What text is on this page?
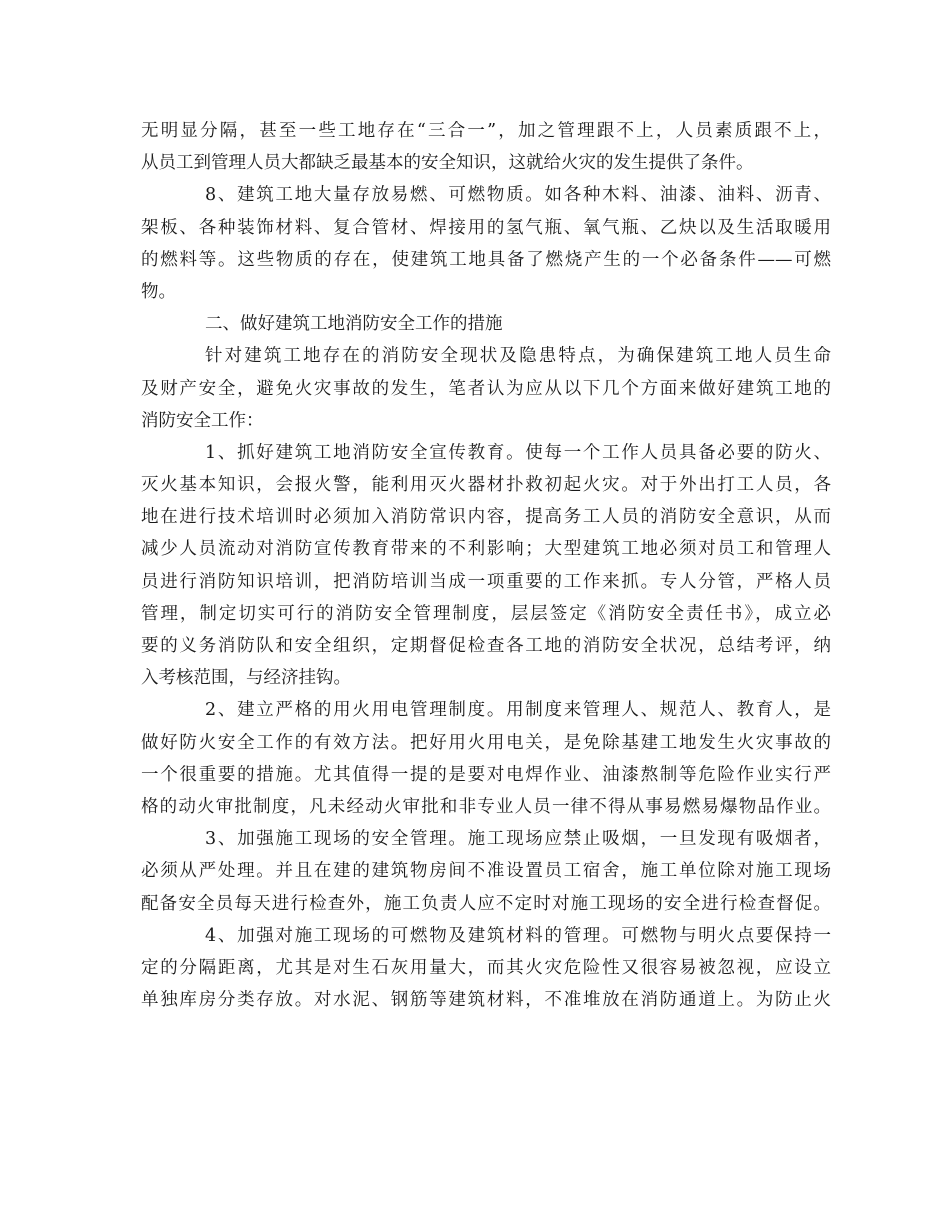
无明显分隔，甚至一些工地存在“三合一”，加之管理跟不上，人员素质跟不上，
从员工到管理人员大都缺乏最基本的安全知识，这就给火灾的发生提供了条件。
8、建筑工地大量存放易燃、可燃物质。如各种木料、油漆、油料、沥青、
架板、各种装饰材料、复合管材、焊接用的氢气瓶、氧气瓶、乙炔以及生活取暖用
的燃料等。这些物质的存在，使建筑工地具备了燃烧产生的一个必备条件——可燃
物。
二、做好建筑工地消防安全工作的措施
针对建筑工地存在的消防安全现状及隐患特点，为确保建筑工地人员生命
及财产安全，避免火灾事故的发生，笔者认为应从以下几个方面来做好建筑工地的
消防安全工作：
1、抓好建筑工地消防安全宣传教育。使每一个工作人员具备必要的防火、
灭火基本知识，会报火警，能利用灭火器材扑救初起火灾。对于外出打工人员，各
地在进行技术培训时必须加入消防常识内容，提高务工人员的消防安全意识，从而
减少人员流动对消防宣传教育带来的不利影响；大型建筑工地必须对员工和管理人
员进行消防知识培训，把消防培训当成一项重要的工作来抓。专人分管，严格人员
管理，制定切实可行的消防安全管理制度，层层签定《消防安全责任书》，成立必
要的义务消防队和安全组织，定期督促检查各工地的消防安全状况，总结考评，纳
入考核范围，与经济挂钩。
2、建立严格的用火用电管理制度。用制度来管理人、规范人、教育人，是
做好防火安全工作的有效方法。把好用火用电关，是免除基建工地发生火灾事故的
一个很重要的措施。尤其值得一提的是要对电焊作业、油漆熬制等危险作业实行严
格的动火审批制度，凡未经动火审批和非专业人员一律不得从事易燃易爆物品作业。
3、加强施工现场的安全管理。施工现场应禁止吸烟，一旦发现有吸烟者，
必须从严处理。并且在建的建筑物房间不准设置员工宿舍，施工单位除对施工现场
配备安全员每天进行检查外，施工负责人应不定时对施工现场的安全进行检查督促。
4、加强对施工现场的可燃物及建筑材料的管理。可燃物与明火点要保持一
定的分隔距离，尤其是对生石灰用量大，而其火灾危险性又很容易被忽视，应设立
单独库房分类存放。对水泥、钢筋等建筑材料，不准堆放在消防通道上。为防止火
